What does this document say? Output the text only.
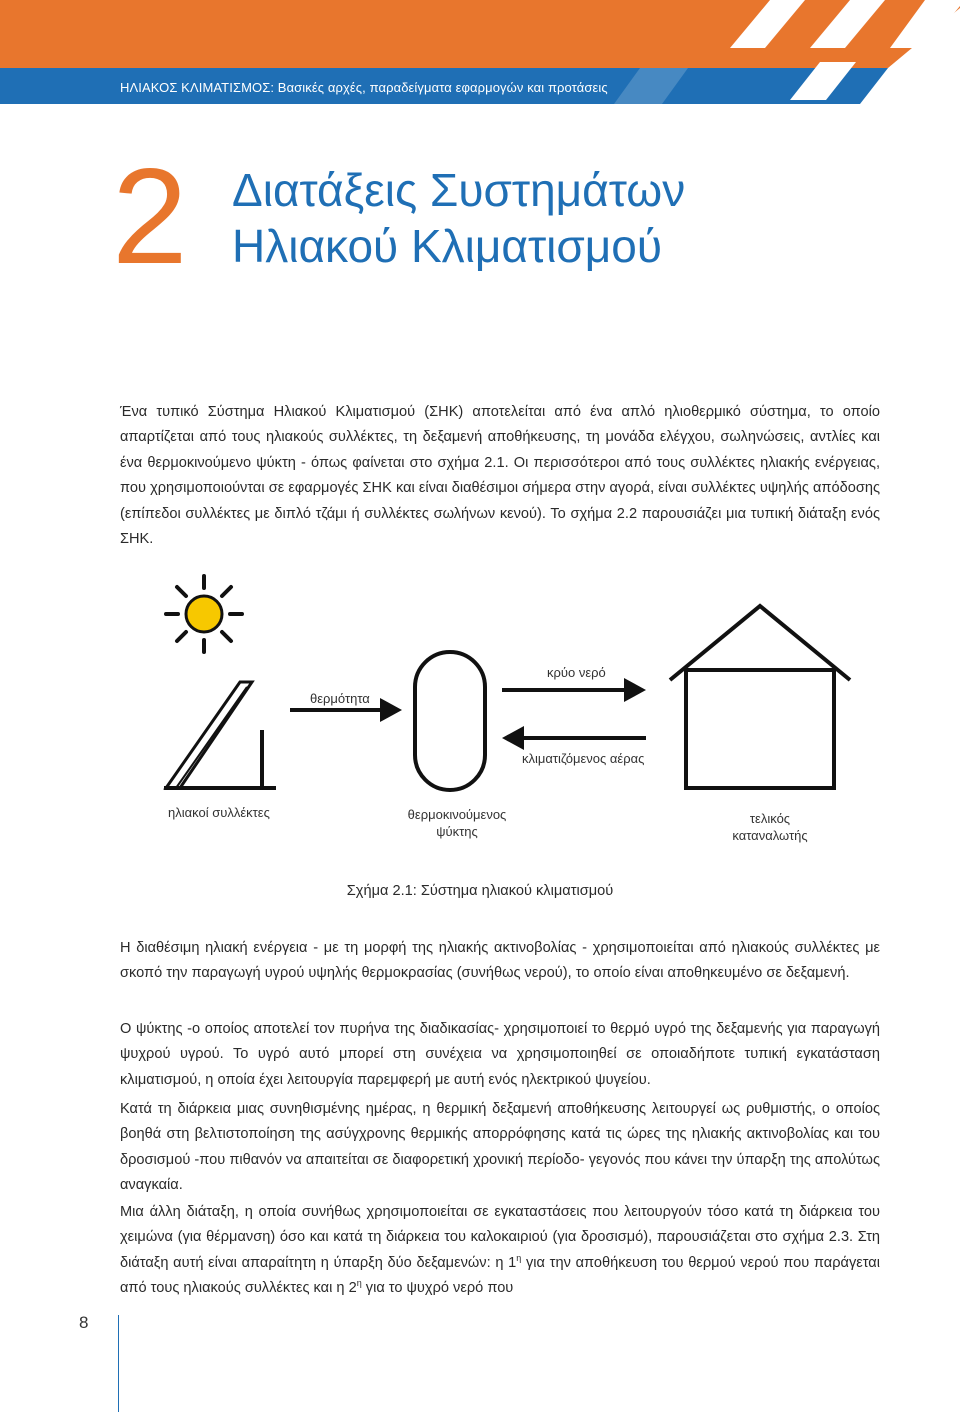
ΗΛΙΑΚΟΣ ΚΛΙΜΑΤΙΣΜΟΣ: Βασικές αρχές, παραδείγματα εφαρμογών και προτάσεις
2 Διατάξεις Συστημάτων
Ηλιακού Κλιματισμού

Ένα τυπικό Σύστημα Ηλιακού Κλιματισμού (ΣΗΚ) αποτελείται από ένα απλό ηλιοθερμικό σύστημα, το οποίο απαρτίζεται από τους ηλιακούς συλλέκτες, τη δεξαμενή αποθήκευσης, τη μονάδα ελέγχου, σωληνώσεις, αντλίες και ένα θερμοκινούμενο ψύκτη - όπως φαίνεται στο σχήμα 2.1. Οι περισσότεροι από τους συλλέκτες ηλιακής ενέργειας, που χρησιμοποιούνται σε εφαρμογές ΣΗΚ και είναι διαθέσιμοι σήμερα στην αγορά, είναι συλλέκτες υψηλής απόδοσης (επίπεδοι συλλέκτες με διπλό τζάμι ή συλλέκτες σωλήνων κενού). Το σχήμα 2.2 παρουσιάζει μια τυπική διάταξη ενός ΣΗΚ.

θερμότητα
κρύο νερό
κλιματιζόμενος αέρας
ηλιακοί συλλέκτες	θερμοκινούμενος
ψύκτης
τελικός
καταναλωτής
Σχήμα 2.1: Σύστημα ηλιακού κλιματισμού

Η διαθέσιμη ηλιακή ενέργεια - με τη μορφή της ηλιακής ακτινοβολίας - χρησιμοποιείται από ηλιακούς συλλέκτες με σκοπό την παραγωγή υγρού υψηλής θερμοκρασίας (συνήθως νερού), το οποίο είναι αποθηκευμένο σε δεξαμενή.

Ο ψύκτης -ο οποίος αποτελεί τον πυρήνα της διαδικασίας- χρησιμοποιεί το θερμό υγρό της δεξαμενής για παραγωγή ψυχρού υγρού. Το υγρό αυτό μπορεί στη συνέχεια να χρησιμοποιηθεί σε οποιαδήποτε τυπική εγκατάσταση κλιματισμού, η οποία έχει λειτουργία παρεμφερή με αυτή ενός ηλεκτρικού ψυγείου.

Κατά τη διάρκεια μιας συνηθισμένης ημέρας, η θερμική δεξαμενή αποθήκευσης λειτουργεί ως ρυθμιστής, ο οποίος βοηθά στη βελτιστοποίηση της ασύγχρονης θερμικής απορρόφησης κατά τις ώρες της ηλιακής ακτινοβολίας και του δροσισμού -που πιθανόν να απαιτείται σε διαφορετική χρονική περίοδο- γεγονός που κάνει την ύπαρξη της απολύτως αναγκαία.

Μια άλλη διάταξη, η οποία συνήθως χρησιμοποιείται σε εγκαταστάσεις που λειτουργούν τόσο κατά τη διάρκεια του χειμώνα (για θέρμανση) όσο και κατά τη διάρκεια του καλοκαιριού (για δροσισμό), παρουσιάζεται στο σχήμα 2.3. Στη διάταξη αυτή είναι απαραίτητη η ύπαρξη δύο δεξαμενών: η $1^\eta$ για την αποθήκευση του θερμού νερού που παράγεται από τους ηλιακούς συλλέκτες και η $2^\eta$ για το ψυχρό νερό που

8
